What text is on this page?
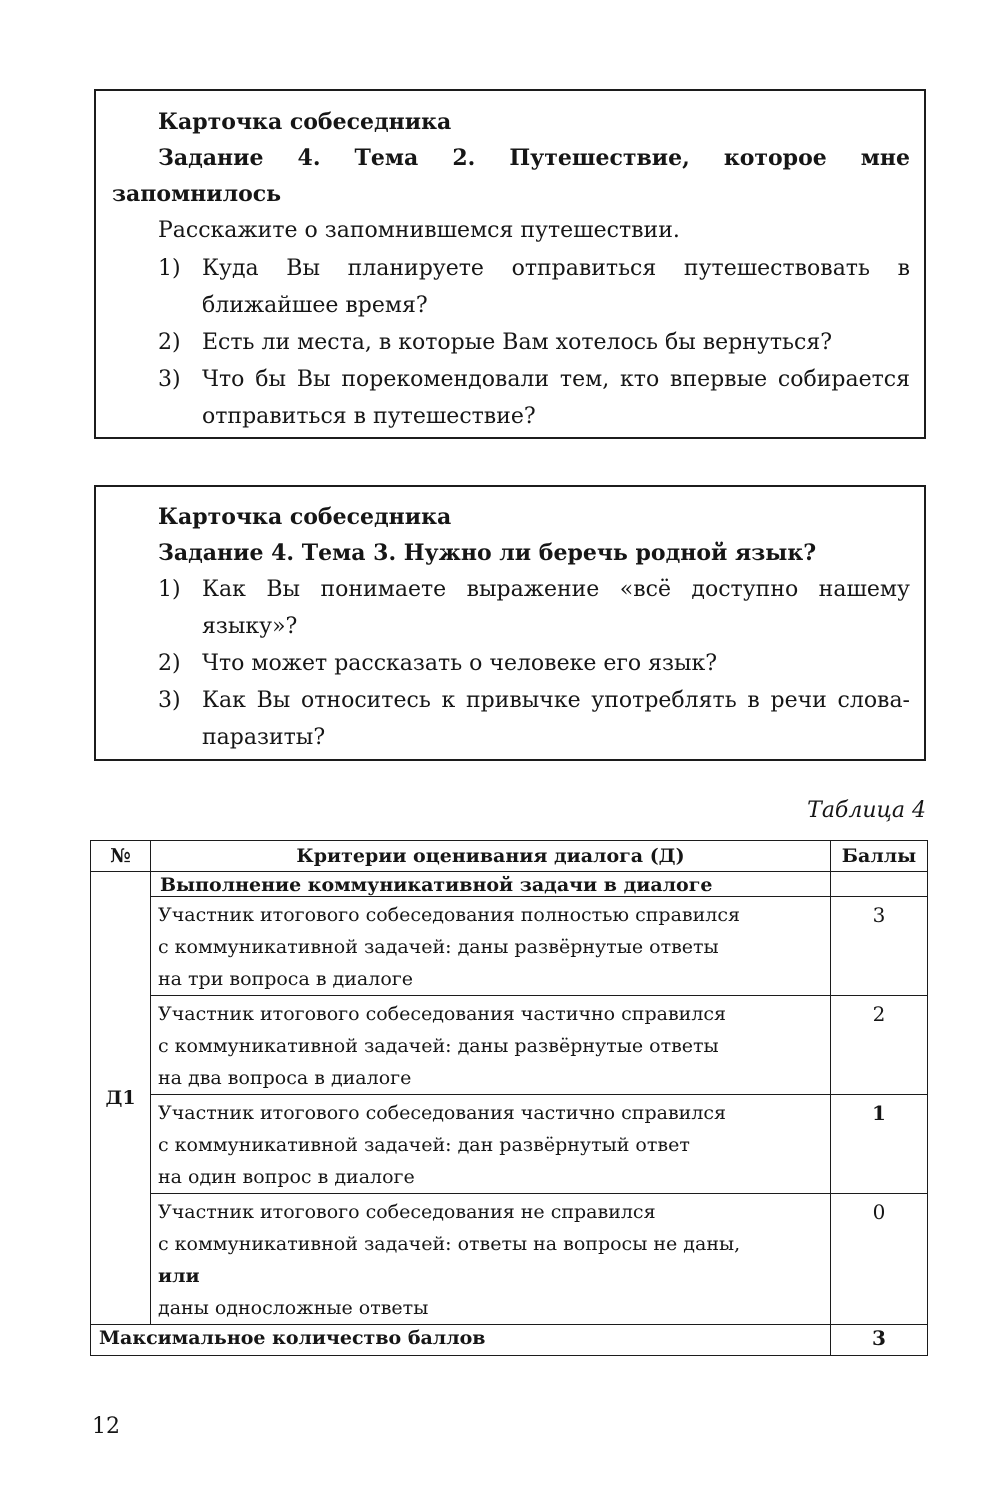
Карточка собеседника
Задание 4. Тема 2. Путешествие, которое мне запомнилось
Расскажите о запомнившемся путешествии.
1) Куда Вы планируете отправиться путешествовать в ближайшее время?
2) Есть ли места, в которые Вам хотелось бы вернуться?
3) Что бы Вы порекомендовали тем, кто впервые собирается отправиться в путешествие?
Карточка собеседника
Задание 4. Тема 3. Нужно ли беречь родной язык?
1) Как Вы понимаете выражение «всё доступно нашему языку»?
2) Что может рассказать о человеке его язык?
3) Как Вы относитесь к привычке употреблять в речи слова-паразиты?
Таблица 4
№	Критерии оценивания диалога (Д)	Баллы
Д1	Выполнение коммуникативной задачи в диалоге	

	Участник итогового собеседования полностью справился
с коммуникативной задачей: даны развёрнутые ответы
на три вопроса в диалоге	3

	Участник итогового собеседования частично справился
с коммуникативной задачей: даны развёрнутые ответы
на два вопроса в диалоге	2

	Участник итогового собеседования частично справился
с коммуникативной задачей: дан развёрнутый ответ
на один вопрос в диалоге	1

	Участник итогового собеседования не справился
с коммуникативной задачей: ответы на вопросы не даны,
или
даны односложные ответы	0
Максимальное количество баллов		3
12
